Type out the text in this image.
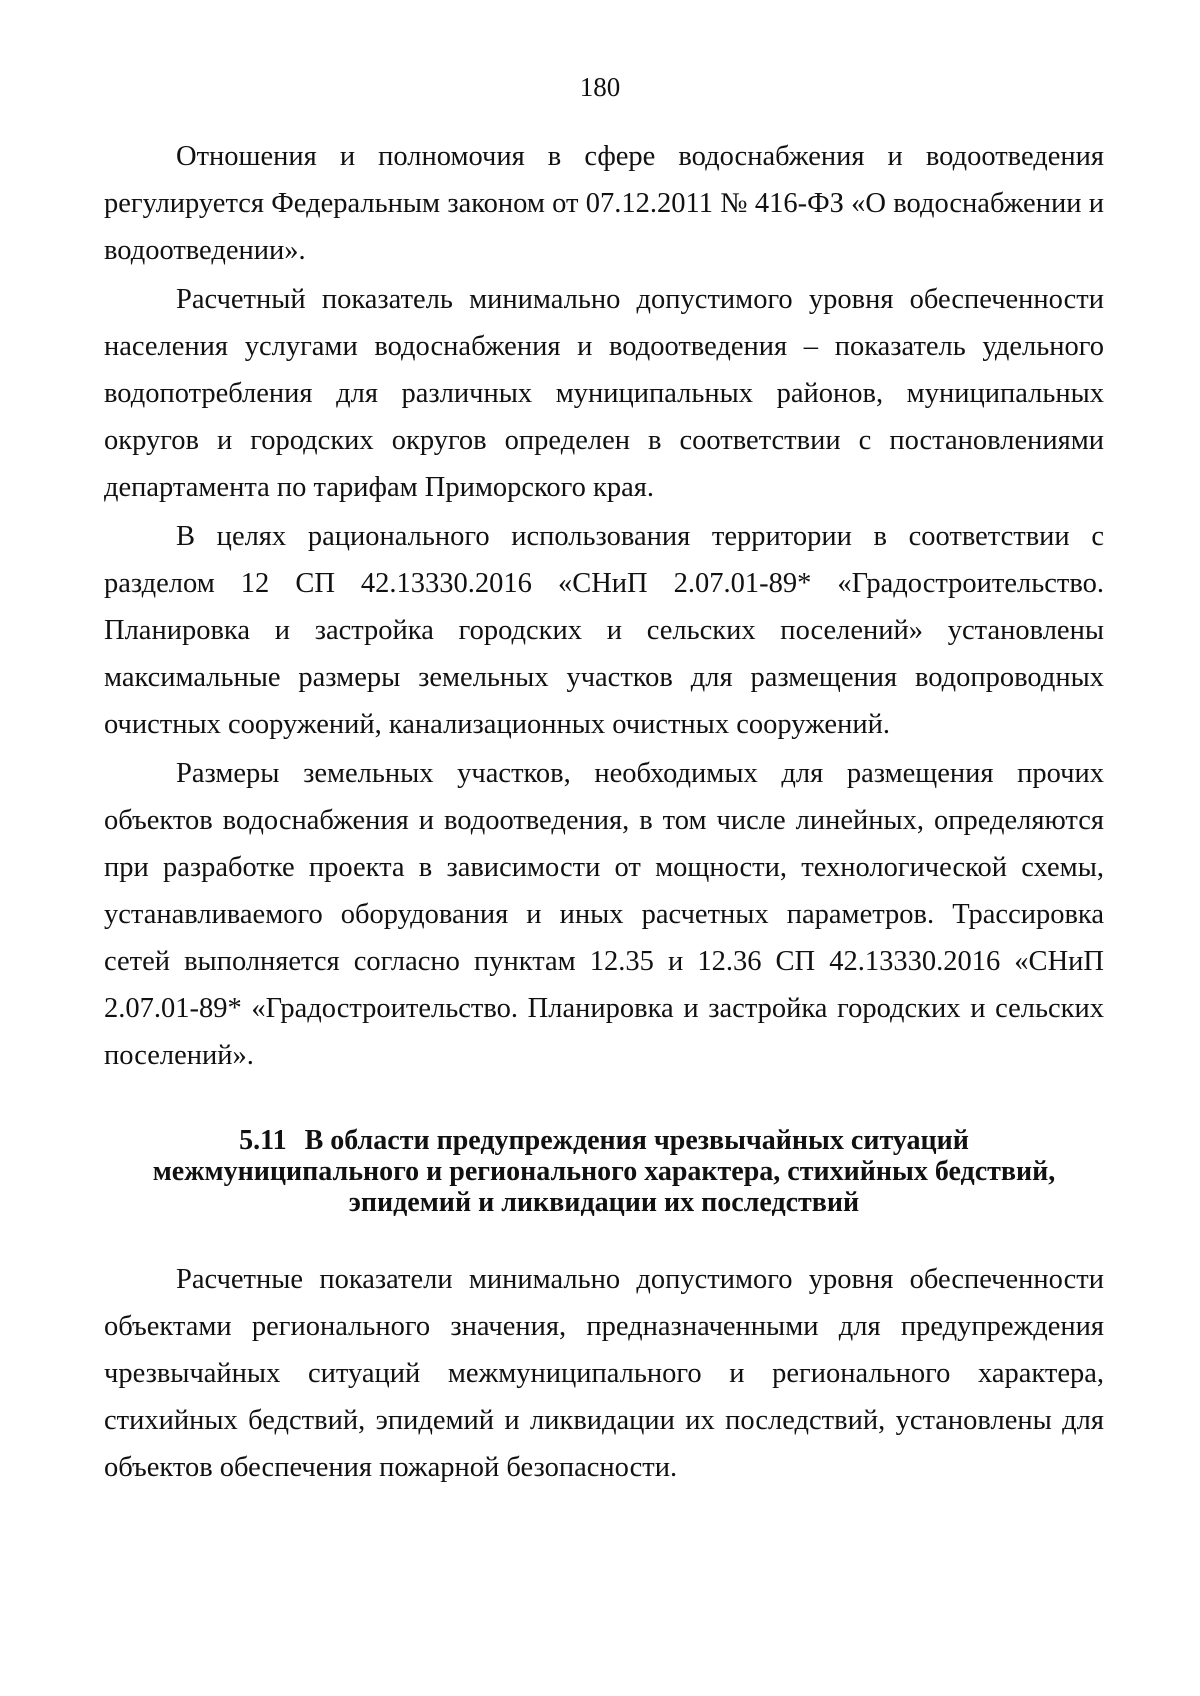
180

Отношения и полномочия в сфере водоснабжения и водоотведения регулируется Федеральным законом от 07.12.2011 № 416-ФЗ «О водоснабжении и водоотведении».

Расчетный показатель минимально допустимого уровня обеспеченности населения услугами водоснабжения и водоотведения – показатель удельного водопотребления для различных муниципальных районов, муниципальных округов и городских округов определен в соответствии с постановлениями департамента по тарифам Приморского края.

В целях рационального использования территории в соответствии с разделом 12 СП 42.13330.2016 «СНиП 2.07.01-89* «Градостроительство. Планировка и застройка городских и сельских поселений» установлены максимальные размеры земельных участков для размещения водопроводных очистных сооружений, канализационных очистных сооружений.

Размеры земельных участков, необходимых для размещения прочих объектов водоснабжения и водоотведения, в том числе линейных, определяются при разработке проекта в зависимости от мощности, технологической схемы, устанавливаемого оборудования и иных расчетных параметров. Трассировка сетей выполняется согласно пунктам 12.35 и 12.36 СП 42.13330.2016 «СНиП 2.07.01-89* «Градостроительство. Планировка и застройка городских и сельских поселений».

5.11 В области предупреждения чрезвычайных ситуаций
межмуниципального и регионального характера, стихийных бедствий,
эпидемий и ликвидации их последствий

Расчетные показатели минимально допустимого уровня обеспеченности объектами регионального значения, предназначенными для предупреждения чрезвычайных ситуаций межмуниципального и регионального характера, стихийных бедствий, эпидемий и ликвидации их последствий, установлены для объектов обеспечения пожарной безопасности.
